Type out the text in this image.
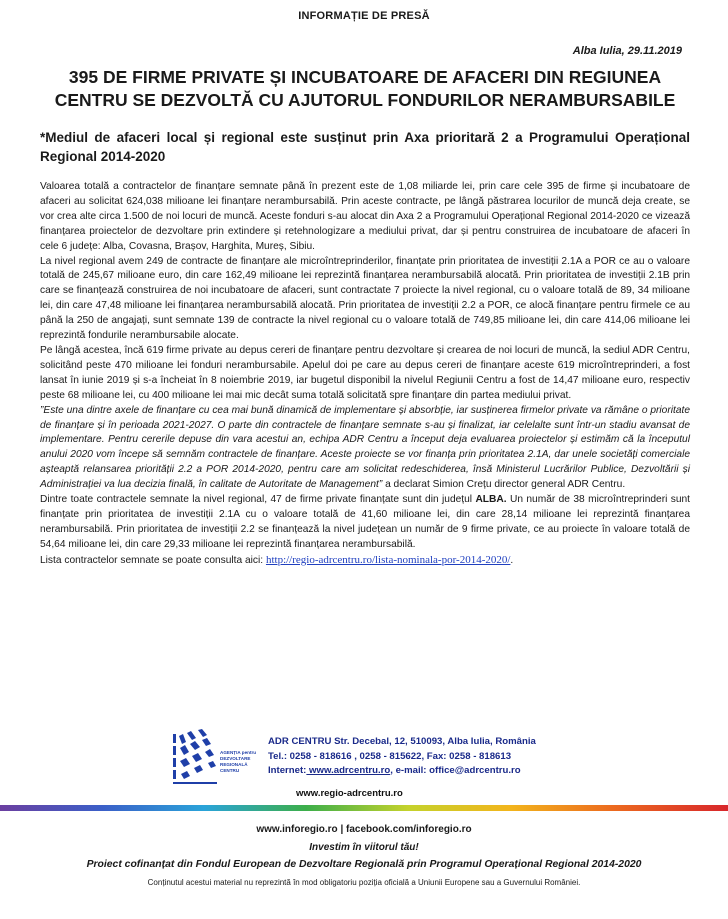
INFORMAȚIE DE PRESĂ
Alba Iulia, 29.11.2019
395 DE FIRME PRIVATE ȘI INCUBATOARE DE AFACERI DIN REGIUNEA CENTRU SE DEZVOLTĂ CU AJUTORUL FONDURILOR NERAMBURSABILE
*Mediul de afaceri local și regional este susținut prin Axa prioritară 2 a Programului Operațional Regional 2014-2020

Valoarea totală a contractelor de finanțare semnate până în prezent este de 1,08 miliarde lei, prin care cele 395 de firme și incubatoare de afaceri au solicitat 624,038 milioane lei finanțare nerambursabilă. Prin aceste contracte, pe lângă păstrarea locurilor de muncă deja create, se vor crea alte circa 1.500 de noi locuri de muncă. Aceste fonduri s-au alocat din Axa 2 a Programului Operațional Regional 2014-2020 ce vizează finanțarea proiectelor de dezvoltare prin extindere și retehnologizare a mediului privat, dar și pentru construirea de incubatoare de afaceri în cele 6 județe: Alba, Covasna, Brașov, Harghita, Mureș, Sibiu.

La nivel regional avem 249 de contracte de finanțare ale microîntreprinderilor, finanțate prin prioritatea de investiții 2.1A a POR ce au o valoare totală de 245,67 milioane euro, din care 162,49 milioane lei reprezintă finanțarea nerambursabilă alocată. Prin prioritatea de investiții 2.1B prin care se finanțează construirea de noi incubatoare de afaceri, sunt contractate 7 proiecte la nivel regional, cu o valoare totală de 89, 34 milioane lei, din care 47,48 milioane lei finanțarea nerambursabilă alocată. Prin prioritatea de investiții 2.2 a POR, ce alocă finanțare pentru firmele ce au până la 250 de angajați, sunt semnate 139 de contracte la nivel regional cu o valoare totală de 749,85 milioane lei, din care 414,06 milioane lei reprezintă fondurile nerambursabile alocate.

Pe lângă acestea, încă 619 firme private au depus cereri de finanțare pentru dezvoltare și crearea de noi locuri de muncă, la sediul ADR Centru, solicitând peste 470 milioane lei fonduri nerambursabile. Apelul doi pe care au depus cereri de finanțare aceste 619 microîntreprinderi, a fost lansat în iunie 2019 și s-a încheiat în 8 noiembrie 2019, iar bugetul disponibil la nivelul Regiunii Centru a fost de 14,47 milioane euro, respectiv peste 68 milioane lei, cu 400 milioane lei mai mic decât suma totală solicitată spre finanțare din partea mediului privat.

”Este una dintre axele de finanțare cu cea mai bună dinamică de implementare și absorbție, iar susținerea firmelor private va rămâne o prioritate de finanțare și în perioada 2021-2027. O parte din contractele de finanțare semnate s-au și finalizat, iar celelalte sunt într-un stadiu avansat de implementare. Pentru cererile depuse din vara acestui an, echipa ADR Centru a început deja evaluarea proiectelor și estimăm că la începutul anului 2020 vom începe să semnăm contractele de finanțare. Aceste proiecte se vor finanța prin prioritatea 2.1A, dar unele societăți comerciale așteaptă relansarea priorității 2.2 a POR 2014-2020, pentru care am solicitat redeschiderea, însă Ministerul Lucrărilor Publice, Dezvoltării și Administrației va lua decizia finală, în calitate de Autoritate de Management” a declarat Simion Crețu director general ADR Centru.

Dintre toate contractele semnate la nivel regional, 47 de firme private finanțate sunt din județul ALBA. Un număr de 38 microîntreprinderi sunt finanțate prin prioritatea de investiții 2.1A cu o valoare totală de 41,60 milioane lei, din care 28,14 milioane lei reprezintă finanțarea nerambursabilă. Prin prioritatea de investiții 2.2 se finanțează la nivel județean un număr de 9 firme private, ce au proiecte în valoare totală de 54,64 milioane lei, din care 29,33 milioane lei reprezintă finanțarea nerambursabilă.

Lista contractelor semnate se poate consulta aici: http://regio-adrcentru.ro/lista-nominala-por-2014-2020/.

AGENȚIA pentru DEZVOLTARE REGIONALĂ CENTRU
ADR CENTRU Str. Decebal, 12, 510093, Alba Iulia, România
Tel.: 0258 - 818616 , 0258 - 815622, Fax: 0258 - 818613
Internet: www.adrcentru.ro, e-mail: office@adrcentru.ro
www.regio-adrcentru.ro
www.inforegio.ro | facebook.com/inforegio.ro
Investim în viitorul tău!
Proiect cofinanțat din Fondul European de Dezvoltare Regională prin Programul Operațional Regional 2014-2020
Conținutul acestui material nu reprezintă în mod obligatoriu poziția oficială a Uniunii Europene sau a Guvernului României.
